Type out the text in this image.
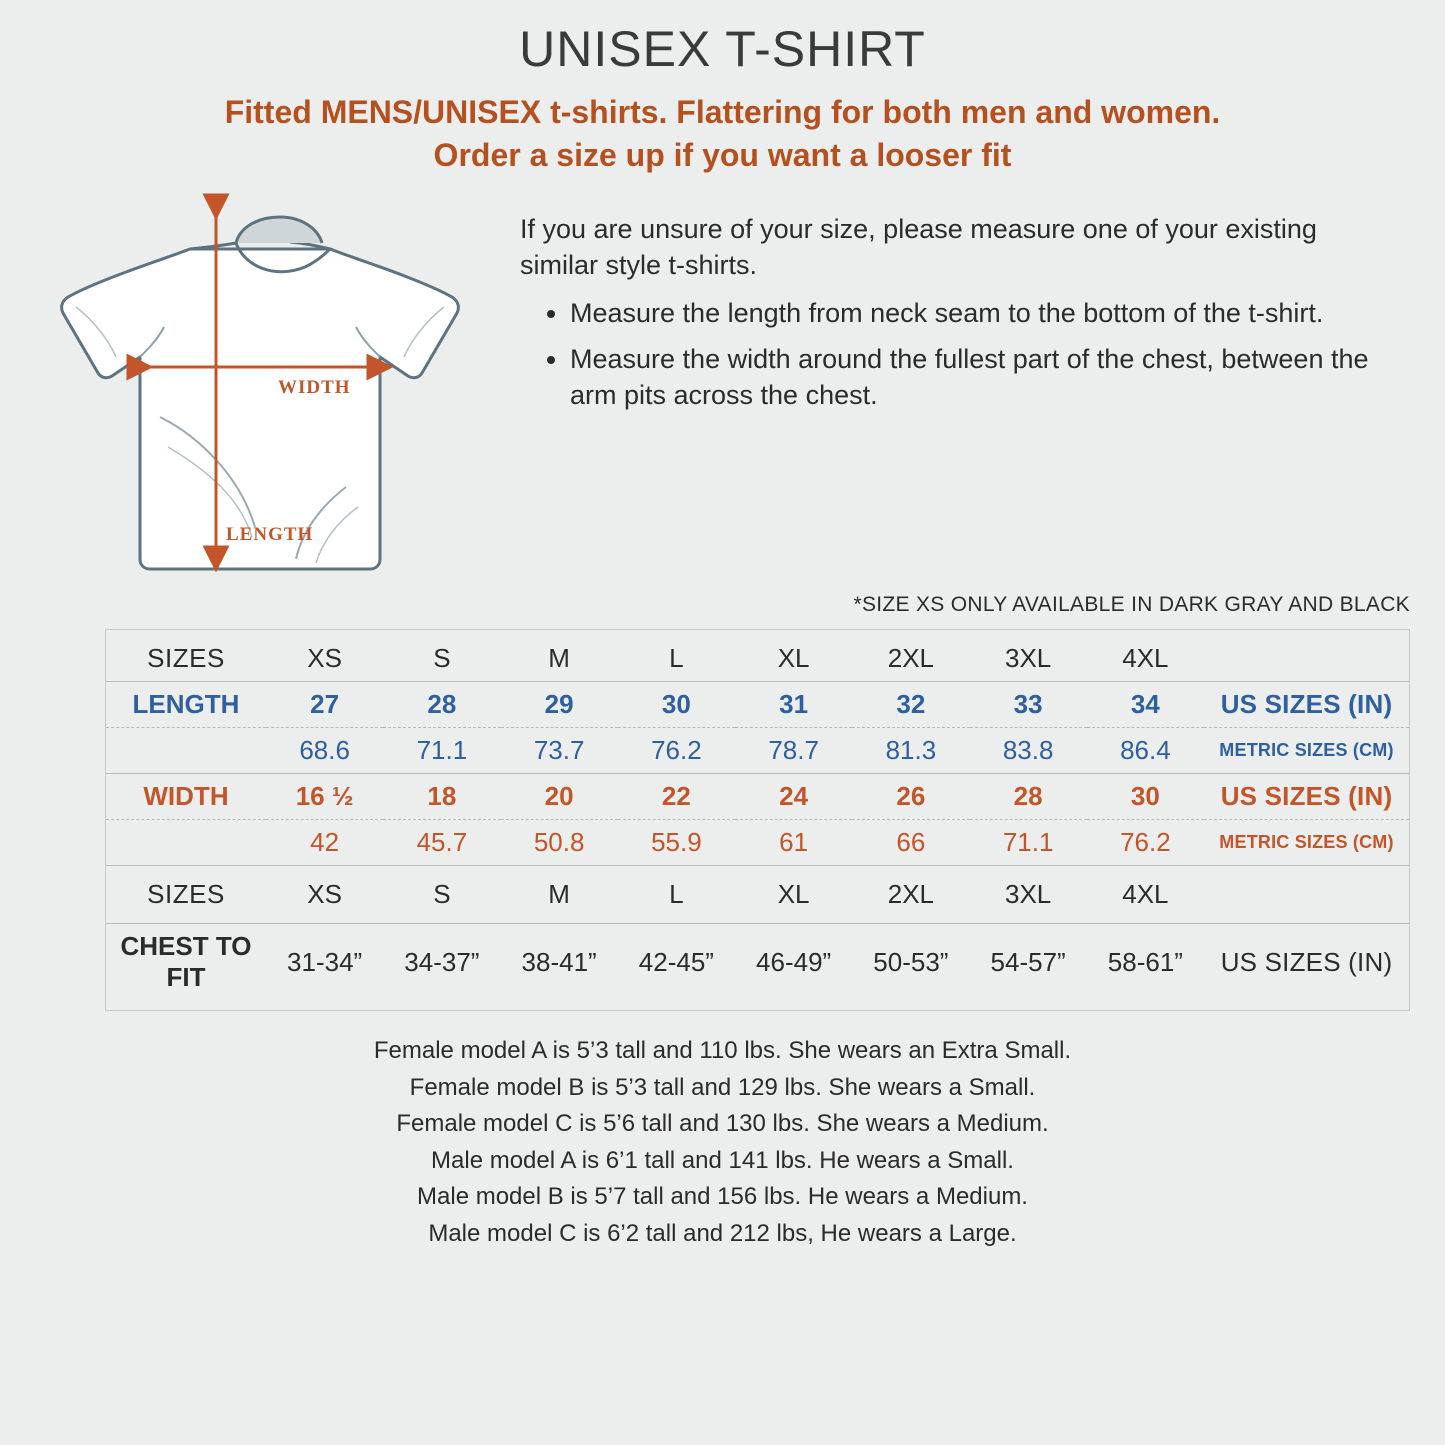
UNISEX T-SHIRT
Fitted MENS/UNISEX t-shirts. Flattering for both men and women.
Order a size up if you want a looser fit
WIDTH
LENGTH

If you are unsure of your size, please measure one of your existing similar style t-shirts.

• Measure the length from neck seam to the bottom of the t-shirt.
• Measure the width around the fullest part of the chest, between the arm pits across the chest.
*SIZE XS ONLY AVAILABLE IN DARK GRAY AND BLACK
SIZES	XS	S	M	L	XL	2XL	3XL	4XL	
LENGTH	27	28	29	30	31	32	33	34	US SIZES (IN)
	68.6	71.1	73.7	76.2	78.7	81.3	83.8	86.4	METRIC SIZES (CM)
WIDTH	16 ½	18	20	22	24	26	28	30	US SIZES (IN)
	42	45.7	50.8	55.9	61	66	71.1	76.2	METRIC SIZES (CM)
SIZES	XS	S	M	L	XL	2XL	3XL	4XL	
CHEST TO FIT	31-34”	34-37”	38-41”	42-45”	46-49”	50-53”	54-57”	58-61”	US SIZES (IN)
Female model A is 5’3 tall and 110 lbs. She wears an Extra Small.
Female model B is 5’3 tall and 129 lbs. She wears a Small.
Female model C is 5’6 tall and 130 lbs. She wears a Medium.
Male model A is 6’1 tall and 141 lbs. He wears a Small.
Male model B is 5’7 tall and 156 lbs. He wears a Medium.
Male model C is 6’2 tall and 212 lbs, He wears a Large.
